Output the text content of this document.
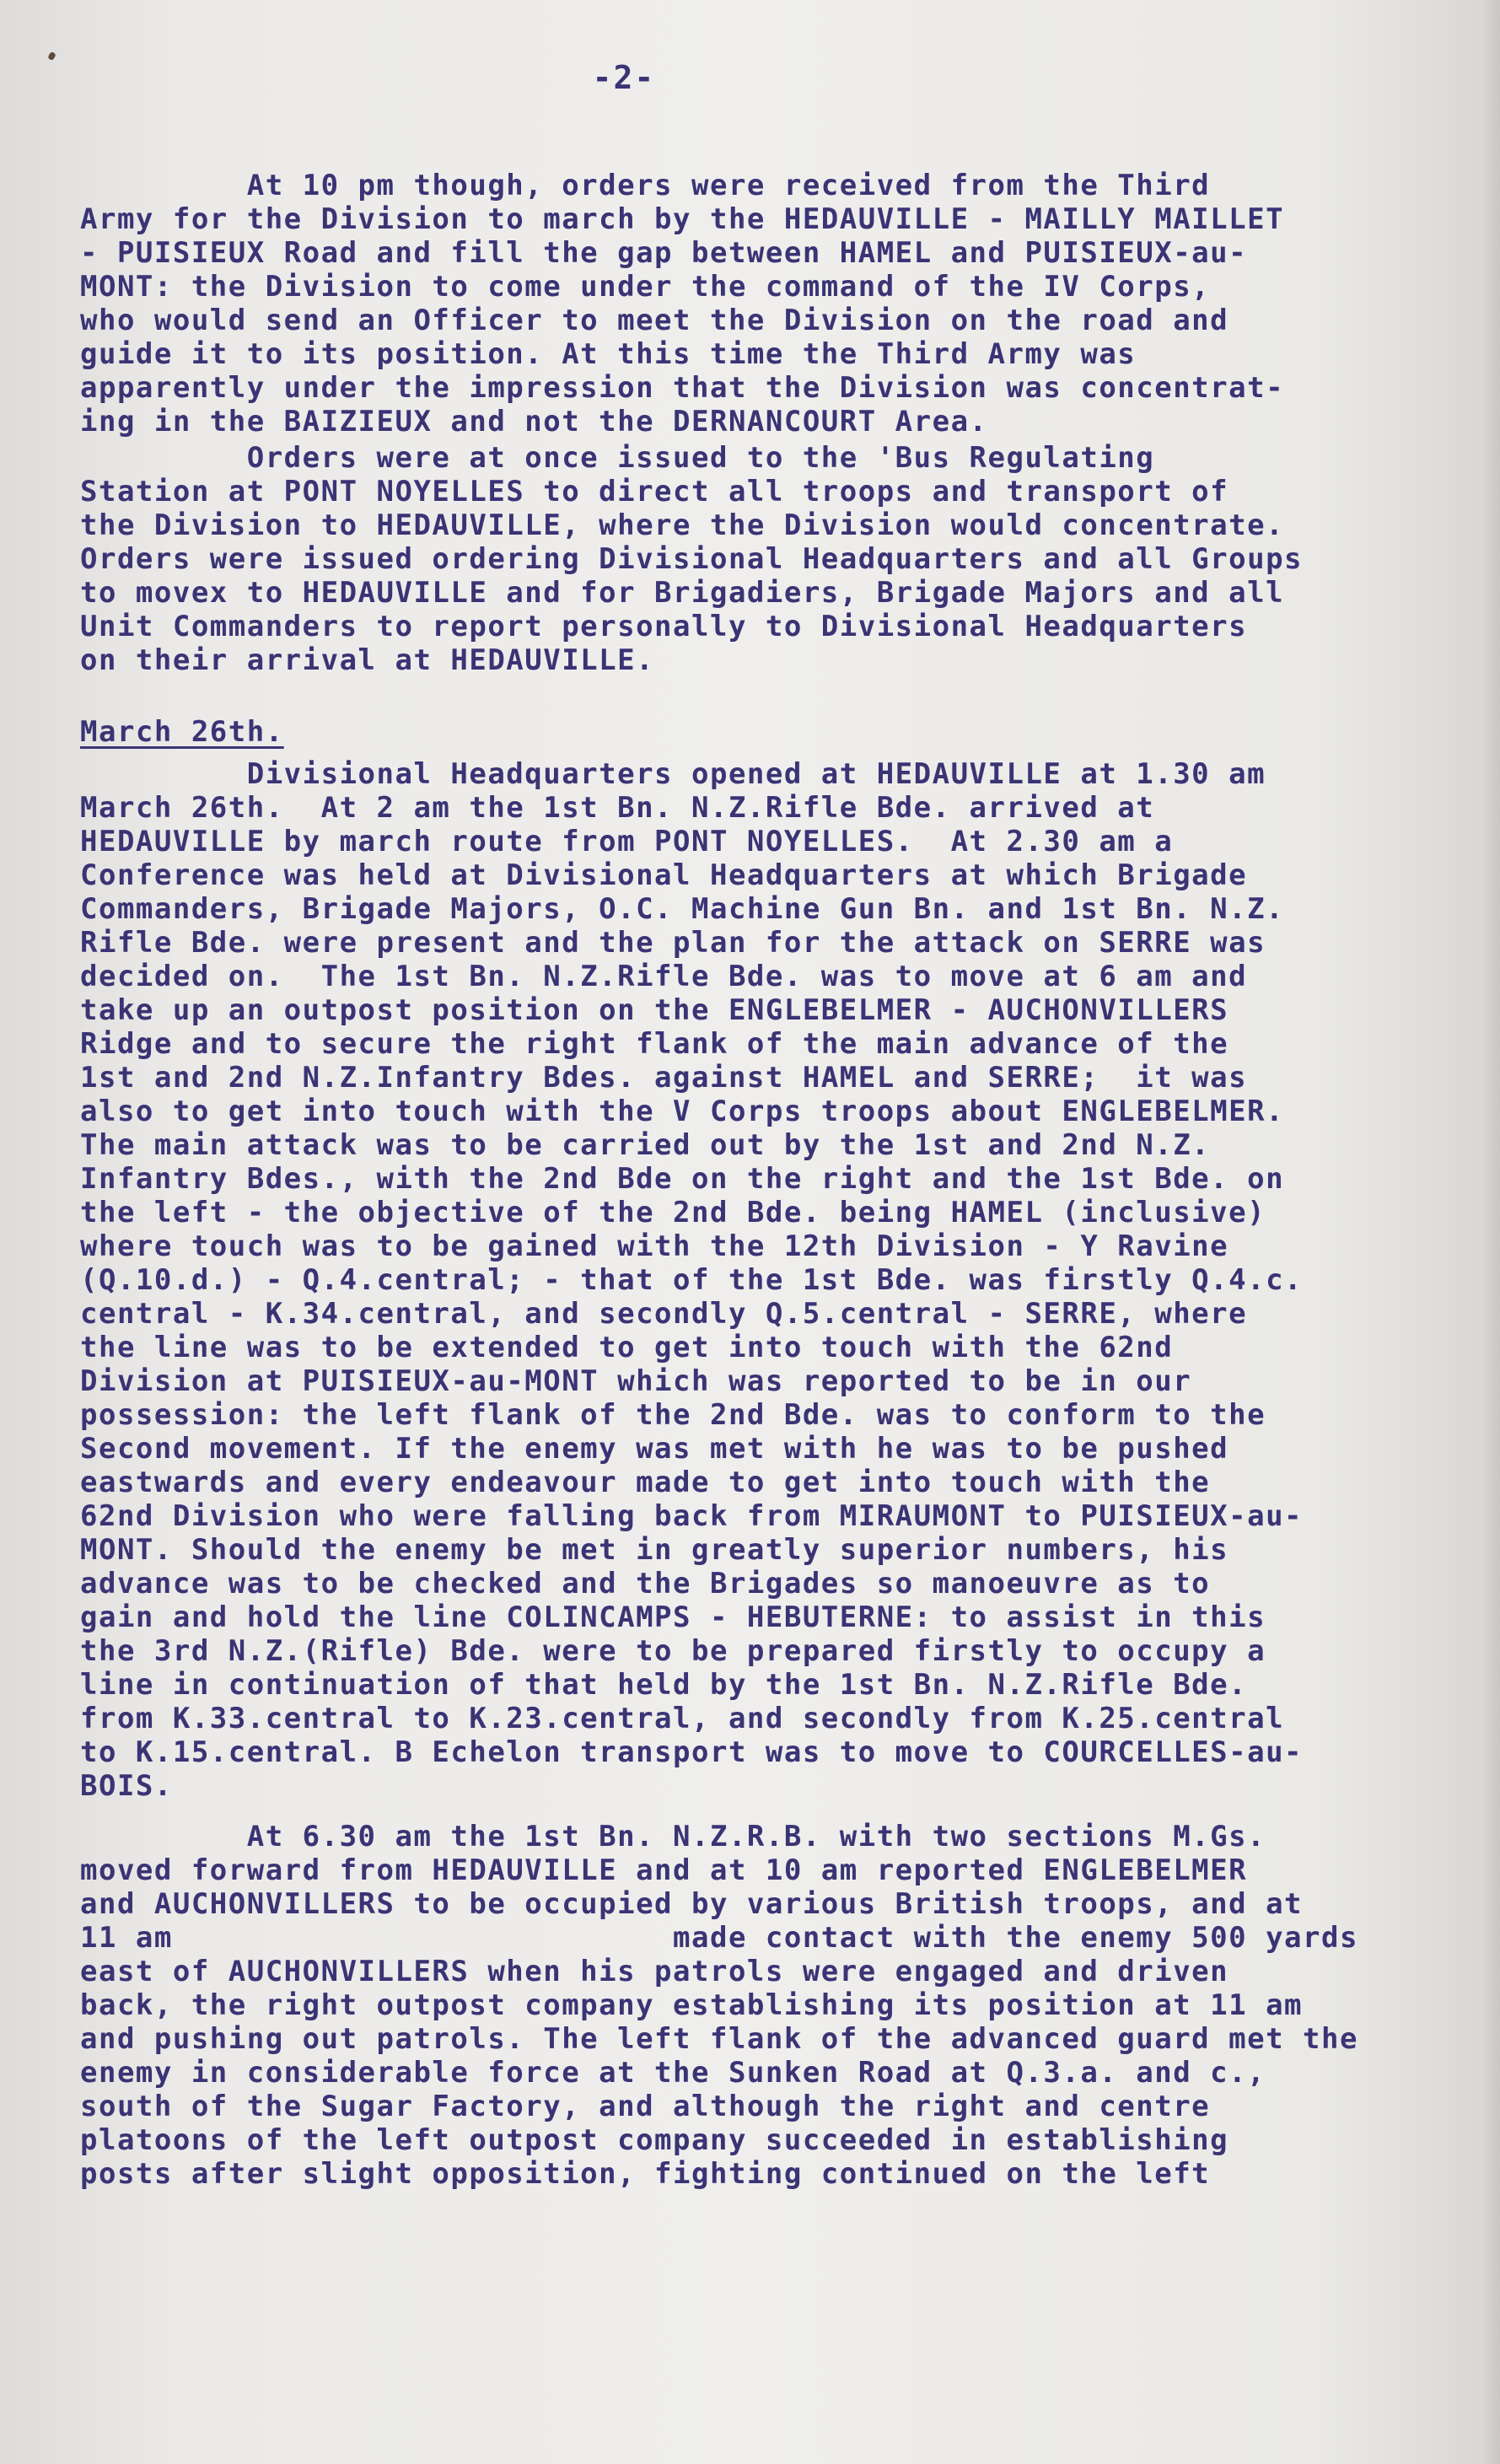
-2-
At 10 pm though, orders were received from the Third
Army for the Division to march by the HEDAUVILLE - MAILLY MAILLET
- PUISIEUX Road and fill the gap between HAMEL and PUISIEUX-au-
MONT: the Division to come under the command of the IV Corps,
who would send an Officer to meet the Division on the road and
guide it to its position. At this time the Third Army was
apparently under the impression that the Division was concentrat-
ing in the BAIZIEUX and not the DERNANCOURT Area.
Orders were at once issued to the 'Bus Regulating
Station at PONT NOYELLES to direct all troops and transport of
the Division to HEDAUVILLE, where the Division would concentrate.
Orders were issued ordering Divisional Headquarters and all Groups
to movex to HEDAUVILLE and for Brigadiers, Brigade Majors and all
Unit Commanders to report personally to Divisional Headquarters
on their arrival at HEDAUVILLE.
March 26th.
Divisional Headquarters opened at HEDAUVILLE at 1.30 am
March 26th.  At 2 am the 1st Bn. N.Z.Rifle Bde. arrived at
HEDAUVILLE by march route from PONT NOYELLES.  At 2.30 am a
Conference was held at Divisional Headquarters at which Brigade
Commanders, Brigade Majors, O.C. Machine Gun Bn. and 1st Bn. N.Z.
Rifle Bde. were present and the plan for the attack on SERRE was
decided on.  The 1st Bn. N.Z.Rifle Bde. was to move at 6 am and
take up an outpost position on the ENGLEBELMER - AUCHONVILLERS
Ridge and to secure the right flank of the main advance of the
1st and 2nd N.Z.Infantry Bdes. against HAMEL and SERRE;  it was
also to get into touch with the V Corps troops about ENGLEBELMER.
The main attack was to be carried out by the 1st and 2nd N.Z.
Infantry Bdes., with the 2nd Bde on the right and the 1st Bde. on
the left - the objective of the 2nd Bde. being HAMEL (inclusive)
where touch was to be gained with the 12th Division - Y Ravine
(Q.10.d.) - Q.4.central; - that of the 1st Bde. was firstly Q.4.c.
central - K.34.central, and secondly Q.5.central - SERRE, where
the line was to be extended to get into touch with the 62nd
Division at PUISIEUX-au-MONT which was reported to be in our
possession: the left flank of the 2nd Bde. was to conform to the
Second movement. If the enemy was met with he was to be pushed
eastwards and every endeavour made to get into touch with the
62nd Division who were falling back from MIRAUMONT to PUISIEUX-au-
MONT. Should the enemy be met in greatly superior numbers, his
advance was to be checked and the Brigades so manoeuvre as to
gain and hold the line COLINCAMPS - HEBUTERNE: to assist in this
the 3rd N.Z.(Rifle) Bde. were to be prepared firstly to occupy a
line in continuation of that held by the 1st Bn. N.Z.Rifle Bde.
from K.33.central to K.23.central, and secondly from K.25.central
to K.15.central. B Echelon transport was to move to COURCELLES-au-
BOIS.
At 6.30 am the 1st Bn. N.Z.R.B. with two sections M.Gs.
moved forward from HEDAUVILLE and at 10 am reported ENGLEBELMER
and AUCHONVILLERS to be occupied by various British troops, and at
11 am                           made contact with the enemy 500 yards
east of AUCHONVILLERS when his patrols were engaged and driven
back, the right outpost company establishing its position at 11 am
and pushing out patrols. The left flank of the advanced guard met the
enemy in considerable force at the Sunken Road at Q.3.a. and c.,
south of the Sugar Factory, and although the right and centre
platoons of the left outpost company succeeded in establishing
posts after slight opposition, fighting continued on the left
